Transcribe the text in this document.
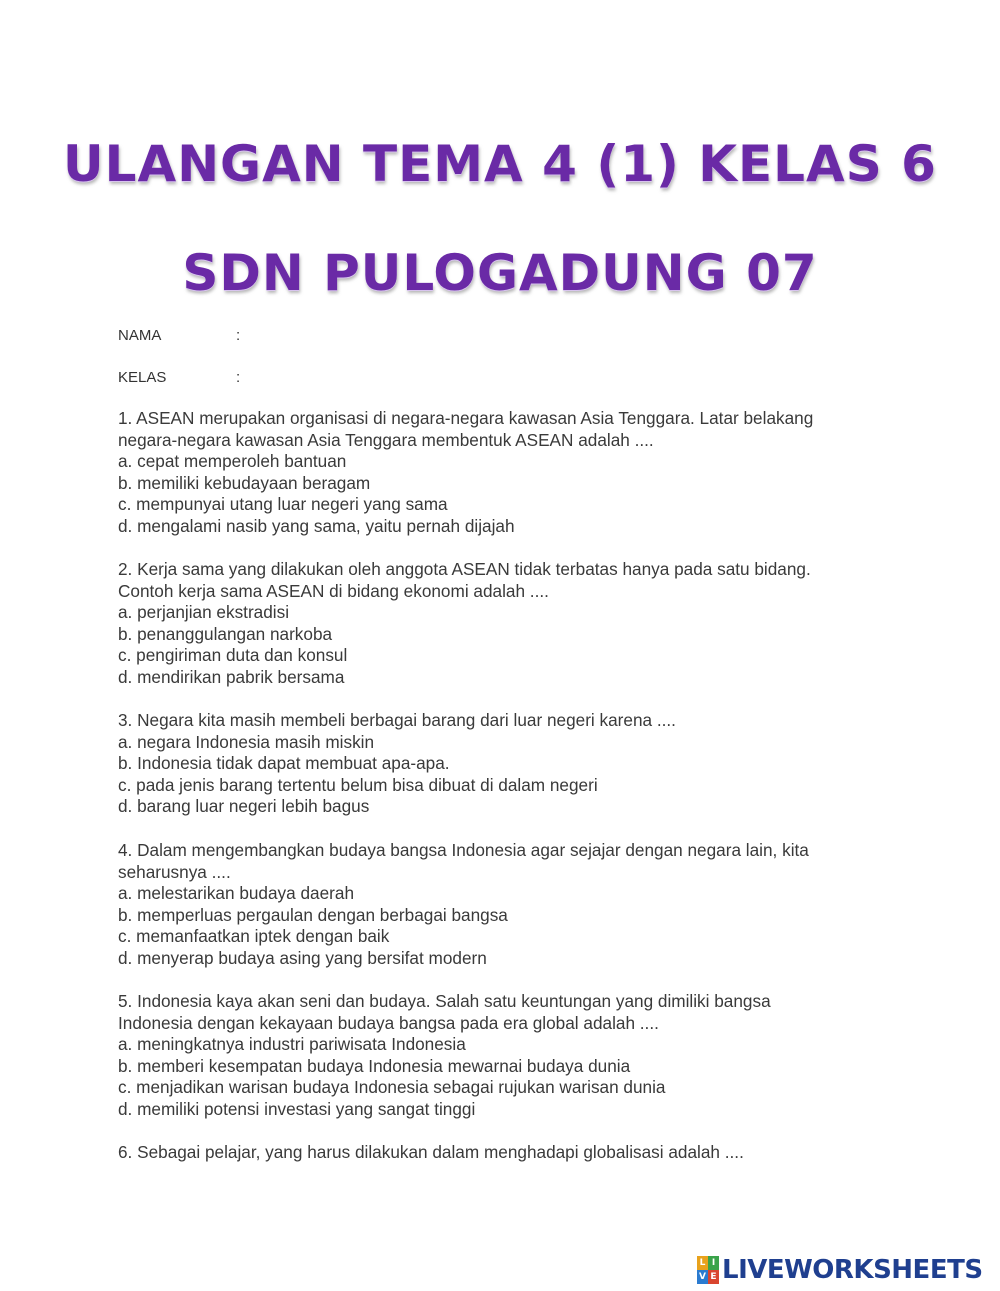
ULANGAN TEMA 4 (1) KELAS 6
SDN PULOGADUNG 07
NAMA	:
KELAS	:
1. ASEAN merupakan organisasi di negara-negara kawasan Asia Tenggara. Latar belakang
negara-negara kawasan Asia Tenggara membentuk ASEAN adalah ....
a. cepat memperoleh bantuan
b. memiliki kebudayaan beragam
c. mempunyai utang luar negeri yang sama
d. mengalami nasib yang sama, yaitu pernah dijajah
2. Kerja sama yang dilakukan oleh anggota ASEAN tidak terbatas hanya pada satu bidang.
Contoh kerja sama ASEAN di bidang ekonomi adalah ....
a. perjanjian ekstradisi
b. penanggulangan narkoba
c. pengiriman duta dan konsul
d. mendirikan pabrik bersama
3. Negara kita masih membeli berbagai barang dari luar negeri karena ....
a. negara Indonesia masih miskin
b. Indonesia tidak dapat membuat apa-apa.
c. pada jenis barang tertentu belum bisa dibuat di dalam negeri
d. barang luar negeri lebih bagus
4. Dalam mengembangkan budaya bangsa Indonesia agar sejajar dengan negara lain, kita
seharusnya ....
a. melestarikan budaya daerah
b. memperluas pergaulan dengan berbagai bangsa
c. memanfaatkan iptek dengan baik
d. menyerap budaya asing yang bersifat modern
5. Indonesia kaya akan seni dan budaya. Salah satu keuntungan yang dimiliki bangsa
Indonesia dengan kekayaan budaya bangsa pada era global adalah ....
a. meningkatnya industri pariwisata Indonesia
b. memberi kesempatan budaya Indonesia mewarnai budaya dunia
c. menjadikan warisan budaya Indonesia sebagai rujukan warisan dunia
d. memiliki potensi investasi yang sangat tinggi
6. Sebagai pelajar, yang harus dilakukan dalam menghadapi globalisasi adalah ....
L I
V E LIVEWORKSHEETS
